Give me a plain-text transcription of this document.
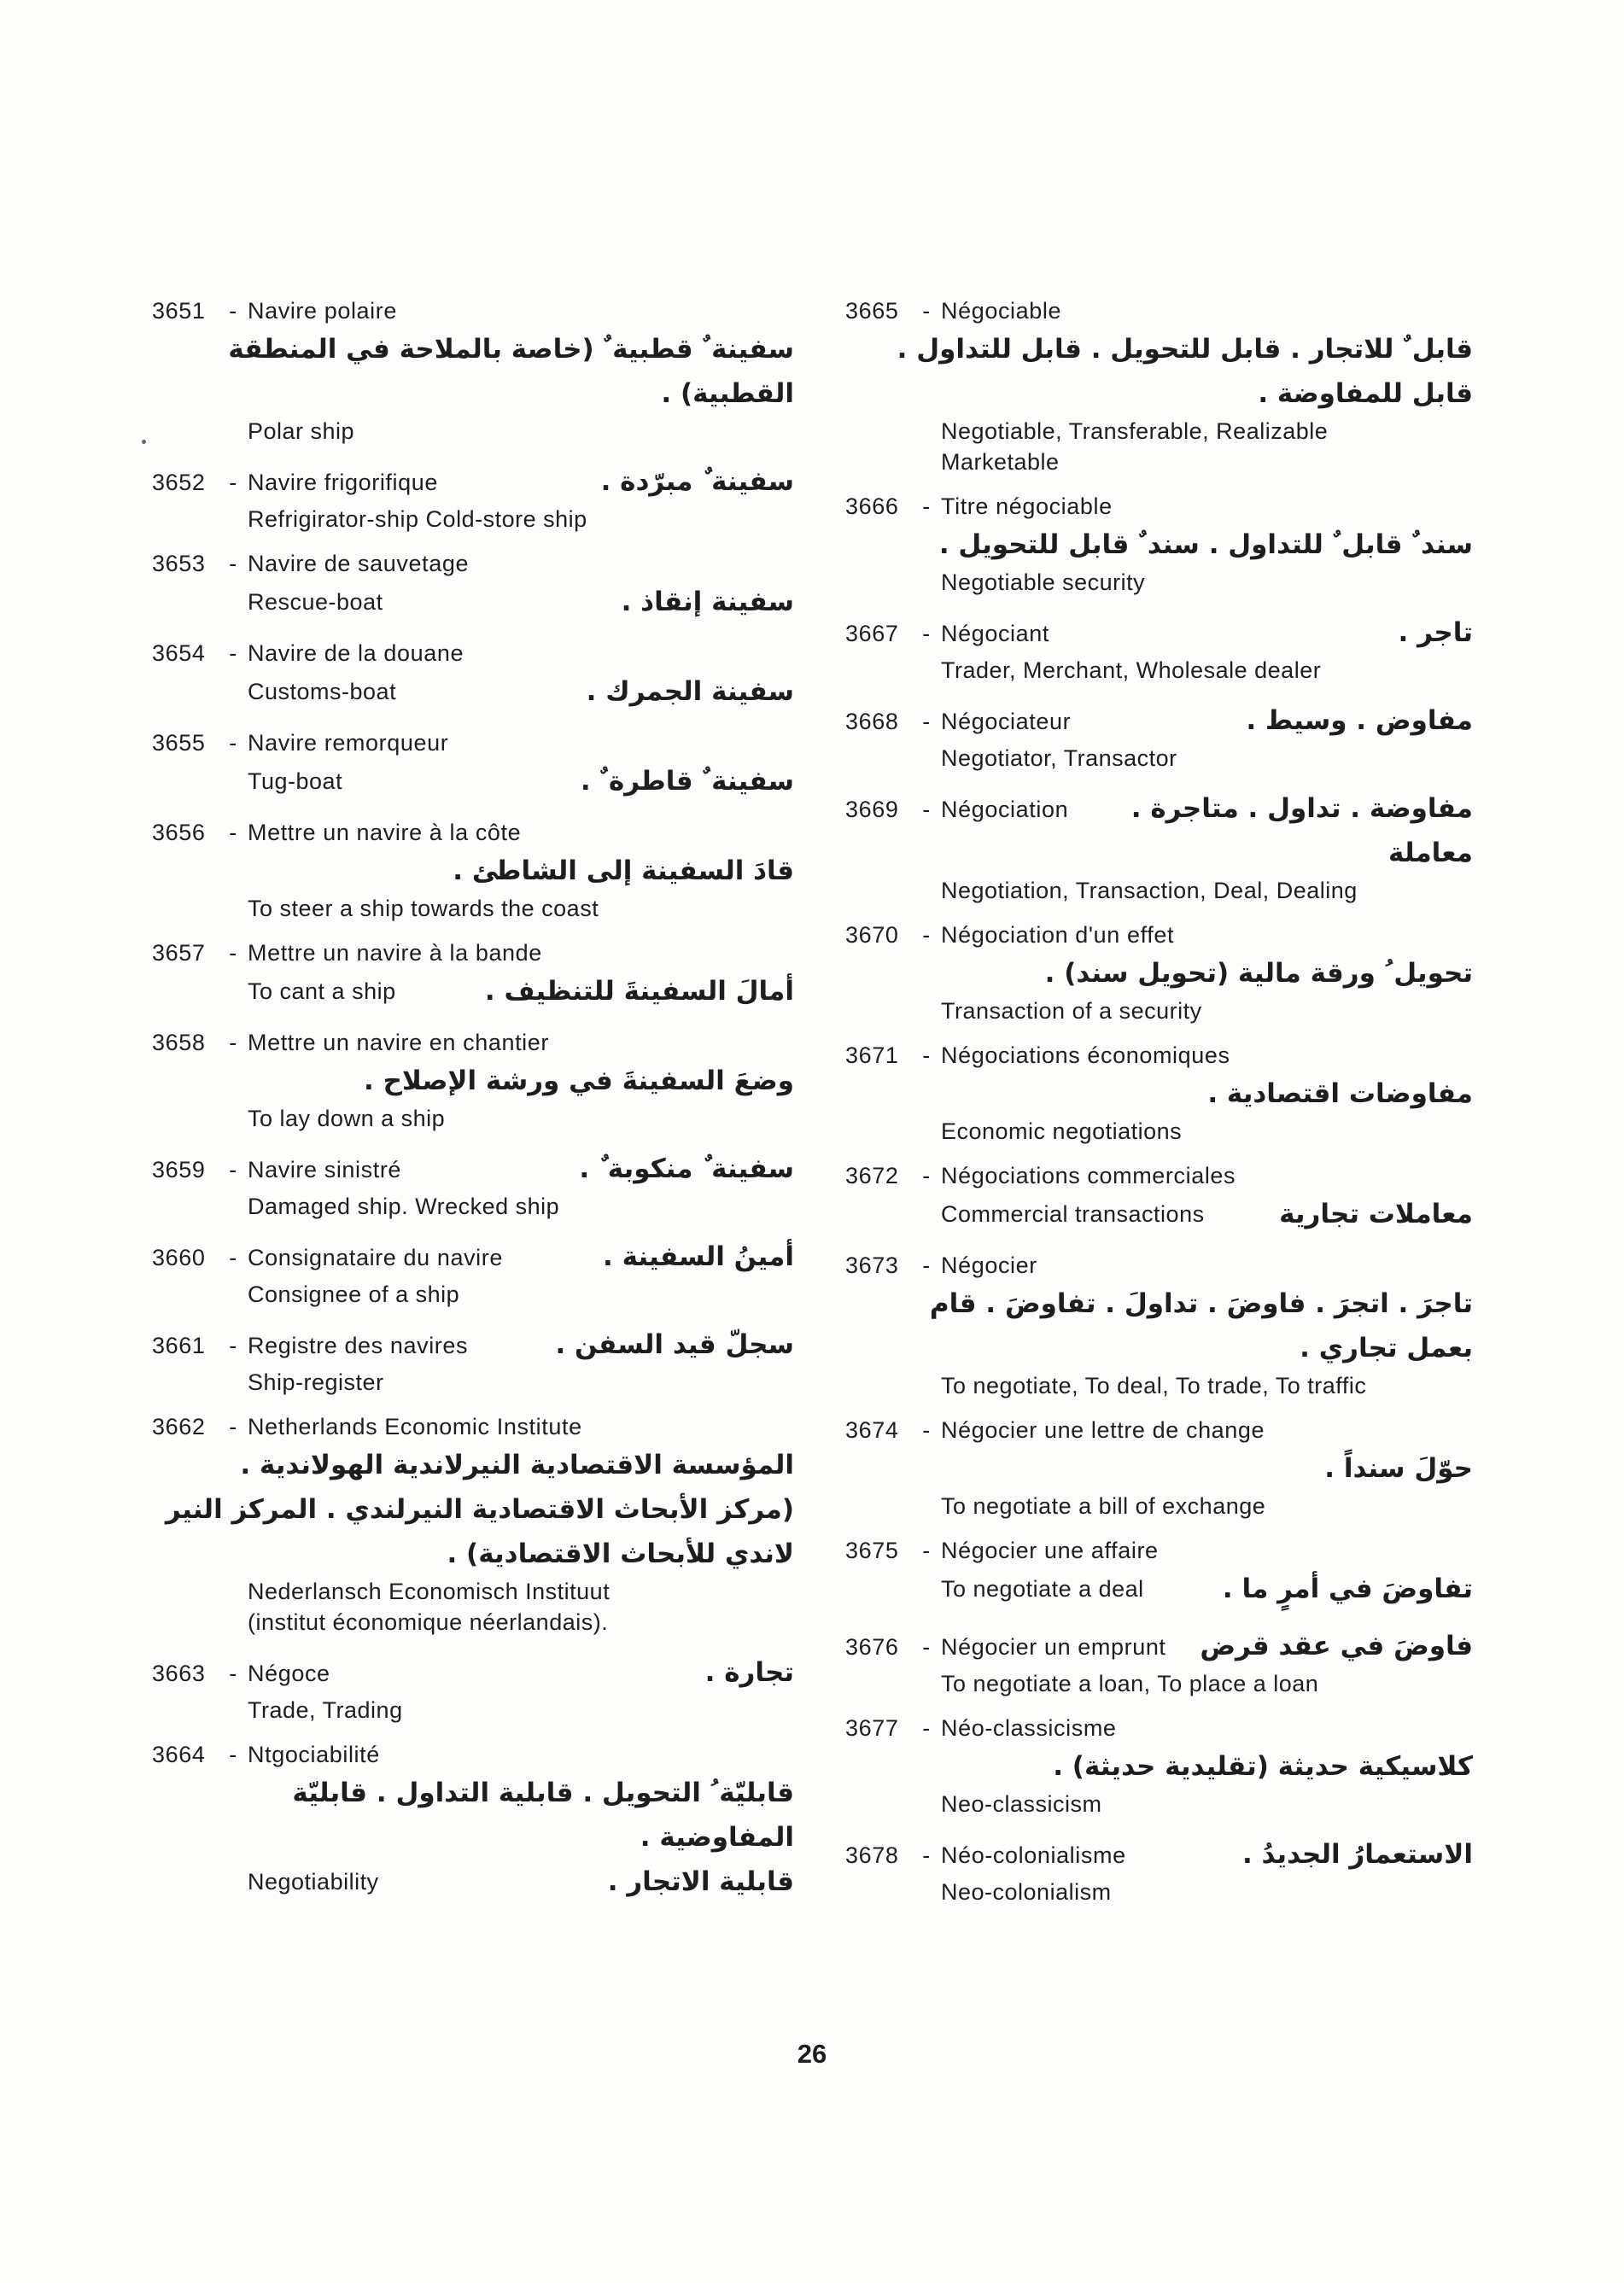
3651	- Navire polaire
سفينة ٌ قطبية ٌ (خاصة بالملاحة في المنطقة القطبية) .
Polar ship
3652	- Navire frigorifique	سفينة ٌ مبرّدة .
Refrigirator-ship Cold-store ship
3653	- Navire de sauvetage
Rescue-boat	سفينة إنقاذ .
3654	- Navire de la douane
Customs-boat	سفينة الجمرك .
3655	- Navire remorqueur
Tug-boat	سفينة ٌ قاطرة ٌ .
3656	- Mettre un navire à la côte
قادَ السفينة إلى الشاطئ .
To steer a ship towards the coast
3657	- Mettre un navire à la bande
To cant a ship	أمالَ السفينةَ للتنظيف .
3658	- Mettre un navire en chantier
وضعَ السفينةَ في ورشة الإصلاح .
To lay down a ship
3659	- Navire sinistré	سفينة ٌ منكوبة ٌ .
Damaged ship. Wrecked ship
3660	- Consignataire du navire	أمينُ السفينة .
Consignee of a ship
3661	- Registre des navires	سجلّ قيد السفن .
Ship-register
3662	- Netherlands Economic Institute
المؤسسة الاقتصادية النيرلاندية الهولاندية .
(مركز الأبحاث الاقتصادية النيرلندي . المركز النير
لاندي للأبحاث الاقتصادية) .
Nederlansch Economisch Instituut
(institut économique néerlandais).
3663	- Négoce	تجارة .
Trade, Trading
3664	- Ntgociabilité
قابليّة ُ التحويل . قابلية التداول . قابليّة المفاوضية .
Negotiability	قابلية الاتجار .
3665	- Négociable
قابل ٌ للاتجار . قابل للتحويل . قابل للتداول .
قابل للمفاوضة .
Negotiable, Transferable, Realizable
Marketable
3666	- Titre négociable
سند ٌ قابل ٌ للتداول . سند ٌ قابل للتحويل .
Negotiable security
3667	- Négociant	تاجر .
Trader, Merchant, Wholesale dealer
3668	- Négociateur	مفاوض . وسيط .
Negotiator, Transactor
3669	- Négociation مفاوضة . تداول . متاجرة .
معاملة
Negotiation, Transaction, Deal, Dealing
3670	- Négociation d'un effet
تحويل ُ ورقة مالية (تحويل سند) .
Transaction of a security
3671	- Négociations économiques
مفاوضات اقتصادية .
Economic negotiations
3672	- Négociations commerciales
Commercial transactions	معاملات تجارية
3673	- Négocier
تاجرَ . اتجرَ . فاوضَ . تداولَ . تفاوضَ . قام
بعمل تجاري .
To negotiate, To deal, To trade, To traffic
3674	- Négocier une lettre de change
حوّلَ سنداً .
To negotiate a bill of exchange
3675	- Négocier une affaire
To negotiate a deal	تفاوضَ في أمرٍ ما .
3676	- Négocier un emprunt فاوضَ في عقد قرض
To negotiate a loan, To place a loan
3677	- Néo-classicisme
كلاسيكية حديثة (تقليدية حديثة) .
Neo-classicism
3678	- Néo-colonialisme	الاستعمارُ الجديدُ .
Neo-colonialism
26
